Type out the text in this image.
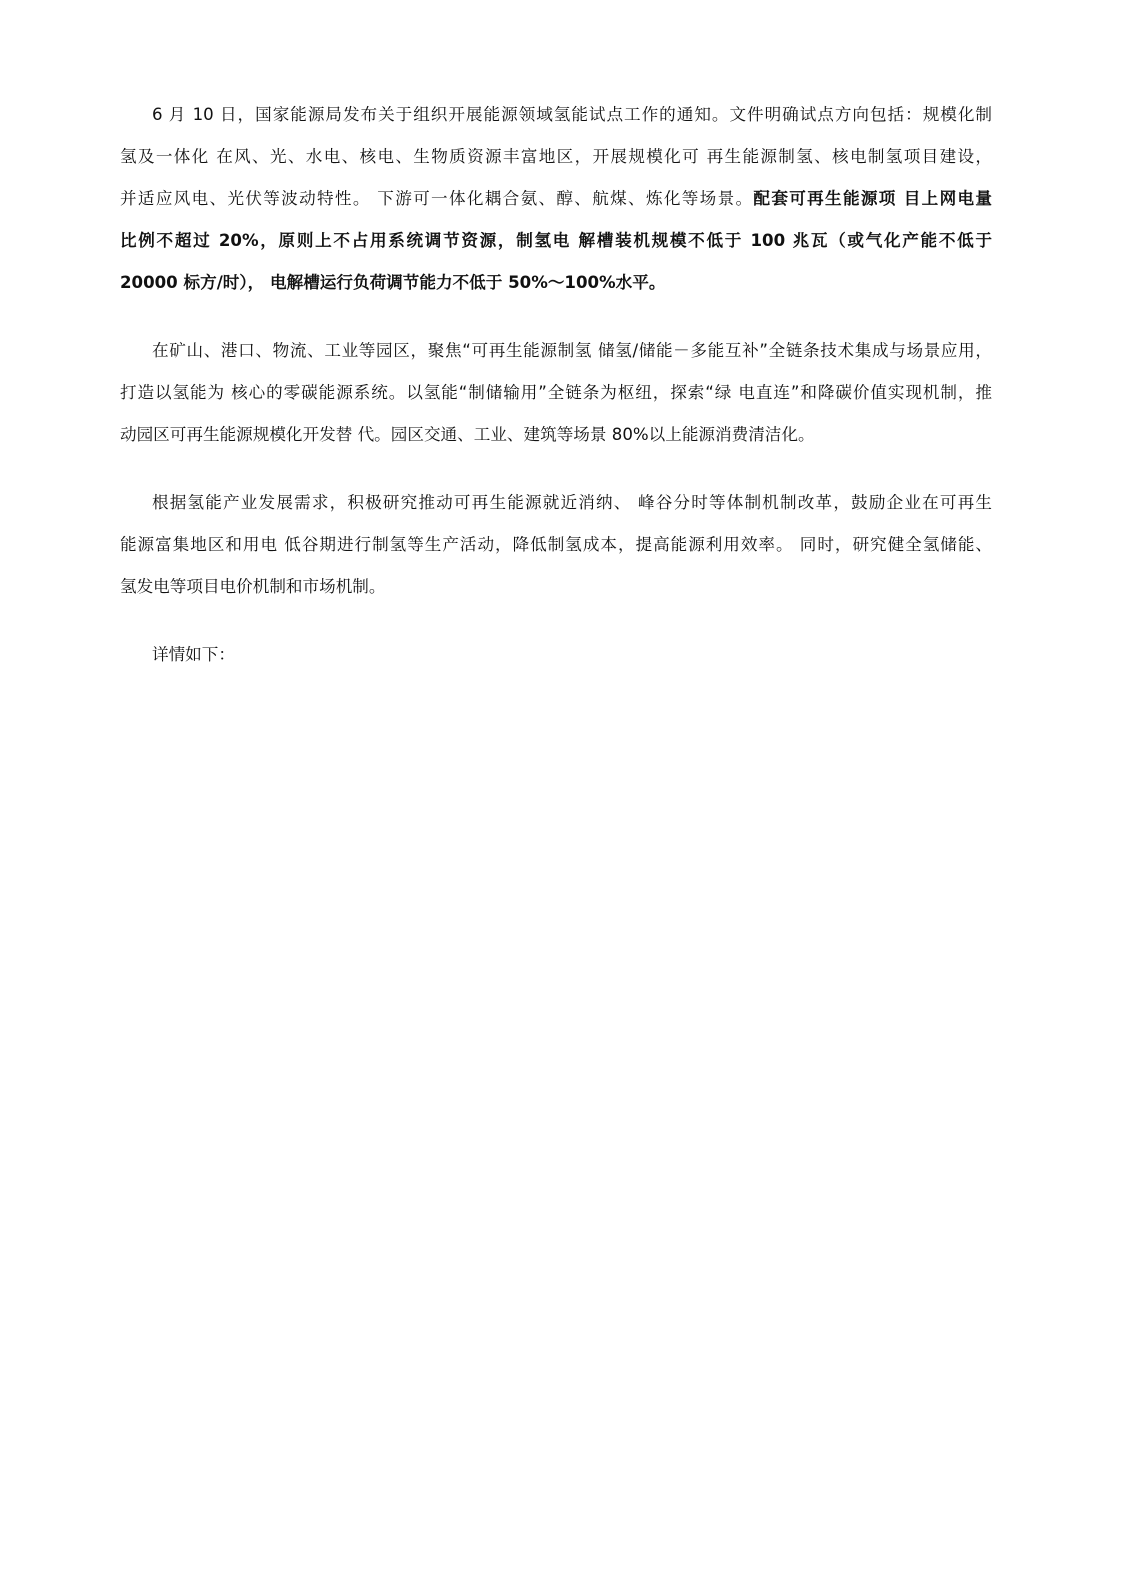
6 月 10 日，国家能源局发布关于组织开展能源领域氢能试点工作的通知。文件明确试点方向包括：规模化制
氢及一体化 在风、光、水电、核电、生物质资源丰富地区，开展规模化可 再生能源制氢、核电制氢项目建设，
并适应风电、光伏等波动特性。 下游可一体化耦合氨、醇、航煤、炼化等场景。配套可再生能源项 目上网电量
比例不超过 20%，原则上不占用系统调节资源，制氢电 解槽装机规模不低于 100 兆瓦（或气化产能不低于
20000 标方/时）， 电解槽运行负荷调节能力不低于 50%～100%水平。
在矿山、港口、物流、工业等园区，聚焦“可再生能源制氢 储氢/储能－多能互补”全链条技术集成与场景应用，
打造以氢能为 核心的零碳能源系统。以氢能“制储输用”全链条为枢纽，探索“绿 电直连”和降碳价值实现机制，推
动园区可再生能源规模化开发替 代。园区交通、工业、建筑等场景 80%以上能源消费清洁化。
根据氢能产业发展需求，积极研究推动可再生能源就近消纳、 峰谷分时等体制机制改革，鼓励企业在可再生
能源富集地区和用电 低谷期进行制氢等生产活动，降低制氢成本，提高能源利用效率。 同时，研究健全氢储能、
氢发电等项目电价机制和市场机制。
详情如下：
